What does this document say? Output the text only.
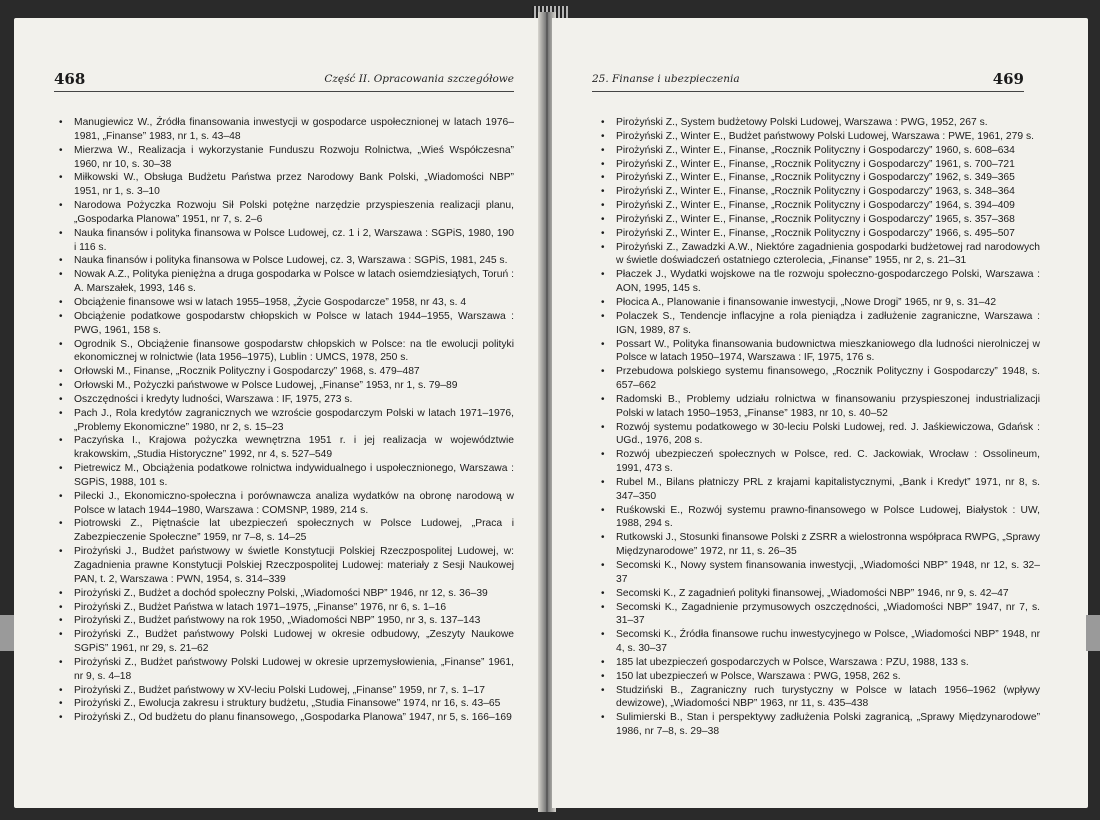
468	Część II. Opracowania szczegółowe
• Manugiewicz W., Źródła finansowania inwestycji w gospodarce uspołecznionej w latach 1976–1981, „Finanse” 1983, nr 1, s. 43–48
• Mierzwa W., Realizacja i wykorzystanie Funduszu Rozwoju Rolnictwa, „Wieś Współczesna” 1960, nr 10, s. 30–38
• Miłkowski W., Obsługa Budżetu Państwa przez Narodowy Bank Polski, „Wiadomości NBP” 1951, nr 1, s. 3–10
• Narodowa Pożyczka Rozwoju Sił Polski potężne narzędzie przyspieszenia realizacji planu, „Gospodarka Planowa” 1951, nr 7, s. 2–6
• Nauka finansów i polityka finansowa w Polsce Ludowej, cz. 1 i 2, Warszawa : SGPiS, 1980, 190 i 116 s.
• Nauka finansów i polityka finansowa w Polsce Ludowej, cz. 3, Warszawa : SGPiS, 1981, 245 s.
• Nowak A.Z., Polityka pieniężna a druga gospodarka w Polsce w latach osiemdziesiątych, Toruń : A. Marszałek, 1993, 146 s.
• Obciążenie finansowe wsi w latach 1955–1958, „Życie Gospodarcze” 1958, nr 43, s. 4
• Obciążenie podatkowe gospodarstw chłopskich w Polsce w latach 1944–1955, Warszawa : PWG, 1961, 158 s.
• Ogrodnik S., Obciążenie finansowe gospodarstw chłopskich w Polsce: na tle ewolucji polityki ekonomicznej w rolnictwie (lata 1956–1975), Lublin : UMCS, 1978, 250 s.
• Orłowski M., Finanse, „Rocznik Polityczny i Gospodarczy” 1968, s. 479–487
• Orłowski M., Pożyczki państwowe w Polsce Ludowej, „Finanse” 1953, nr 1, s. 79–89
• Oszczędności i kredyty ludności, Warszawa : IF, 1975, 273 s.
• Pach J., Rola kredytów zagranicznych we wzroście gospodarczym Polski w latach 1971–1976, „Problemy Ekonomiczne” 1980, nr 2, s. 15–23
• Paczyńska I., Krajowa pożyczka wewnętrzna 1951 r. i jej realizacja w województwie krakowskim, „Studia Historyczne” 1992, nr 4, s. 527–549
• Pietrewicz M., Obciążenia podatkowe rolnictwa indywidualnego i uspołecznionego, Warszawa : SGPiS, 1988, 101 s.
• Pilecki J., Ekonomiczno-społeczna i porównawcza analiza wydatków na obronę narodową w Polsce w latach 1944–1980, Warszawa : COMSNP, 1989, 214 s.
• Piotrowski Z., Piętnaście lat ubezpieczeń społecznych w Polsce Ludowej, „Praca i Zabezpieczenie Społeczne” 1959, nr 7–8, s. 14–25
• Pirożyński J., Budżet państwowy w świetle Konstytucji Polskiej Rzeczpospolitej Ludowej, w: Zagadnienia prawne Konstytucji Polskiej Rzeczpospolitej Ludowej: materiały z Sesji Naukowej PAN, t. 2, Warszawa : PWN, 1954, s. 314–339
• Pirożyński Z., Budżet a dochód społeczny Polski, „Wiadomości NBP” 1946, nr 12, s. 36–39
• Pirożyński Z., Budżet Państwa w latach 1971–1975, „Finanse” 1976, nr 6, s. 1–16
• Pirożyński Z., Budżet państwowy na rok 1950, „Wiadomości NBP” 1950, nr 3, s. 137–143
• Pirożyński Z., Budżet państwowy Polski Ludowej w okresie odbudowy, „Zeszyty Naukowe SGPiS” 1961, nr 29, s. 21–62
• Pirożyński Z., Budżet państwowy Polski Ludowej w okresie uprzemysłowienia, „Finanse” 1961, nr 9, s. 4–18
• Pirożyński Z., Budżet państwowy w XV-leciu Polski Ludowej, „Finanse” 1959, nr 7, s. 1–17
• Pirożyński Z., Ewolucja zakresu i struktury budżetu, „Studia Finansowe” 1974, nr 16, s. 43–65
• Pirożyński Z., Od budżetu do planu finansowego, „Gospodarka Planowa” 1947, nr 5, s. 166–169
25. Finanse i ubezpieczenia	469
• Pirożyński Z., System budżetowy Polski Ludowej, Warszawa : PWG, 1952, 267 s.
• Pirożyński Z., Winter E., Budżet państwowy Polski Ludowej, Warszawa : PWE, 1961, 279 s.
• Pirożyński Z., Winter E., Finanse, „Rocznik Polityczny i Gospodarczy” 1960, s. 608–634
• Pirożyński Z., Winter E., Finanse, „Rocznik Polityczny i Gospodarczy” 1961, s. 700–721
• Pirożyński Z., Winter E., Finanse, „Rocznik Polityczny i Gospodarczy” 1962, s. 349–365
• Pirożyński Z., Winter E., Finanse, „Rocznik Polityczny i Gospodarczy” 1963, s. 348–364
• Pirożyński Z., Winter E., Finanse, „Rocznik Polityczny i Gospodarczy” 1964, s. 394–409
• Pirożyński Z., Winter E., Finanse, „Rocznik Polityczny i Gospodarczy” 1965, s. 357–368
• Pirożyński Z., Winter E., Finanse, „Rocznik Polityczny i Gospodarczy” 1966, s. 495–507
• Pirożyński Z., Zawadzki A.W., Niektóre zagadnienia gospodarki budżetowej rad narodowych w świetle doświadczeń ostatniego czterolecia, „Finanse” 1955, nr 2, s. 21–31
• Płaczek J., Wydatki wojskowe na tle rozwoju społeczno-gospodarczego Polski, Warszawa : AON, 1995, 145 s.
• Płocica A., Planowanie i finansowanie inwestycji, „Nowe Drogi” 1965, nr 9, s. 31–42
• Polaczek S., Tendencje inflacyjne a rola pieniądza i zadłużenie zagraniczne, Warszawa : IGN, 1989, 87 s.
• Possart W., Polityka finansowania budownictwa mieszkaniowego dla ludności nierolniczej w Polsce w latach 1950–1974, Warszawa : IF, 1975, 176 s.
• Przebudowa polskiego systemu finansowego, „Rocznik Polityczny i Gospodarczy” 1948, s. 657–662
• Radomski B., Problemy udziału rolnictwa w finansowaniu przyspieszonej industrializacji Polski w latach 1950–1953, „Finanse” 1983, nr 10, s. 40–52
• Rozwój systemu podatkowego w 30-leciu Polski Ludowej, red. J. Jaśkiewiczowa, Gdańsk : UGd., 1976, 208 s.
• Rozwój ubezpieczeń społecznych w Polsce, red. C. Jackowiak, Wrocław : Ossolineum, 1991, 473 s.
• Rubel M., Bilans płatniczy PRL z krajami kapitalistycznymi, „Bank i Kredyt” 1971, nr 8, s. 347–350
• Ruśkowski E., Rozwój systemu prawno-finansowego w Polsce Ludowej, Białystok : UW, 1988, 294 s.
• Rutkowski J., Stosunki finansowe Polski z ZSRR a wielostronna współpraca RWPG, „Sprawy Międzynarodowe” 1972, nr 11, s. 26–35
• Secomski K., Nowy system finansowania inwestycji, „Wiadomości NBP” 1948, nr 12, s. 32–37
• Secomski K., Z zagadnień polityki finansowej, „Wiadomości NBP” 1946, nr 9, s. 42–47
• Secomski K., Zagadnienie przymusowych oszczędności, „Wiadomości NBP” 1947, nr 7, s. 31–37
• Secomski K., Źródła finansowe ruchu inwestycyjnego w Polsce, „Wiadomości NBP” 1948, nr 4, s. 30–37
• 185 lat ubezpieczeń gospodarczych w Polsce, Warszawa : PZU, 1988, 133 s.
• 150 lat ubezpieczeń w Polsce, Warszawa : PWG, 1958, 262 s.
• Studziński B., Zagraniczny ruch turystyczny w Polsce w latach 1956–1962 (wpływy dewizowe), „Wiadomości NBP” 1963, nr 11, s. 435–438
• Sulimierski B., Stan i perspektywy zadłużenia Polski zagranicą, „Sprawy Międzynarodowe” 1986, nr 7–8, s. 29–38
